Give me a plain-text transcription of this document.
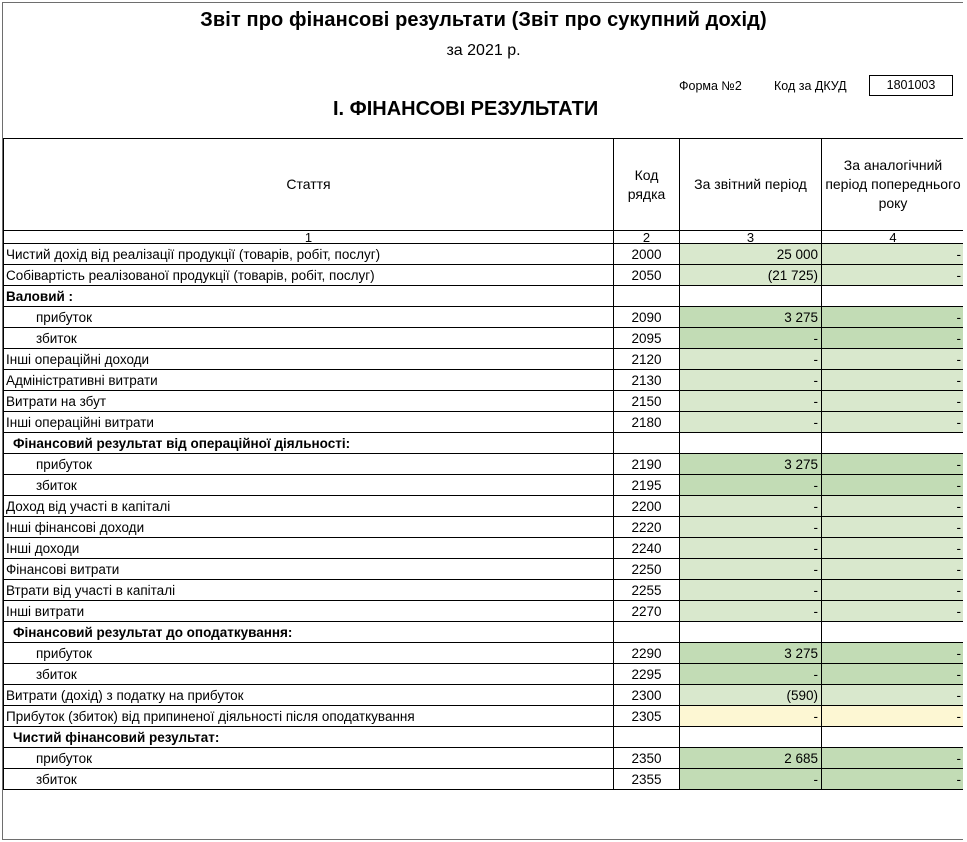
Звіт про фінансові результати (Звіт про сукупний дохід)
за 2021 р.
Форма №2	Код за ДКУД	1801003
І. ФІНАНСОВІ РЕЗУЛЬТАТИ
Стаття	Код рядка	За звітний період	За аналогічний період попереднього року
1	2	3	4
Чистий дохід від реалізації продукції (товарів, робіт, послуг)	2000	25 000	-
Собівартість реалізованої продукції (товарів, робіт, послуг)	2050	(21 725)	-
Валовий :			
прибуток	2090	3 275	-
збиток	2095	-	-
Інші операційні доходи	2120	-	-
Адміністративні витрати	2130	-	-
Витрати на збут	2150	-	-
Інші операційні витрати	2180	-	-
Фінансовий результат від операційної діяльності:			
прибуток	2190	3 275	-
збиток	2195	-	-
Доход від участі в капіталі	2200	-	-
Інші фінансові доходи	2220	-	-
Інші доходи	2240	-	-
Фінансові витрати	2250	-	-
Втрати від участі в капіталі	2255	-	-
Інші витрати	2270	-	-
Фінансовий результат до оподаткування:			
прибуток	2290	3 275	-
збиток	2295	-	-
Витрати (дохід) з податку на прибуток	2300	(590)	-
Прибуток (збиток) від припиненої діяльності після оподаткування	2305	-	-
Чистий фінансовий результат:			
прибуток	2350	2 685	-
збиток	2355	-	-
